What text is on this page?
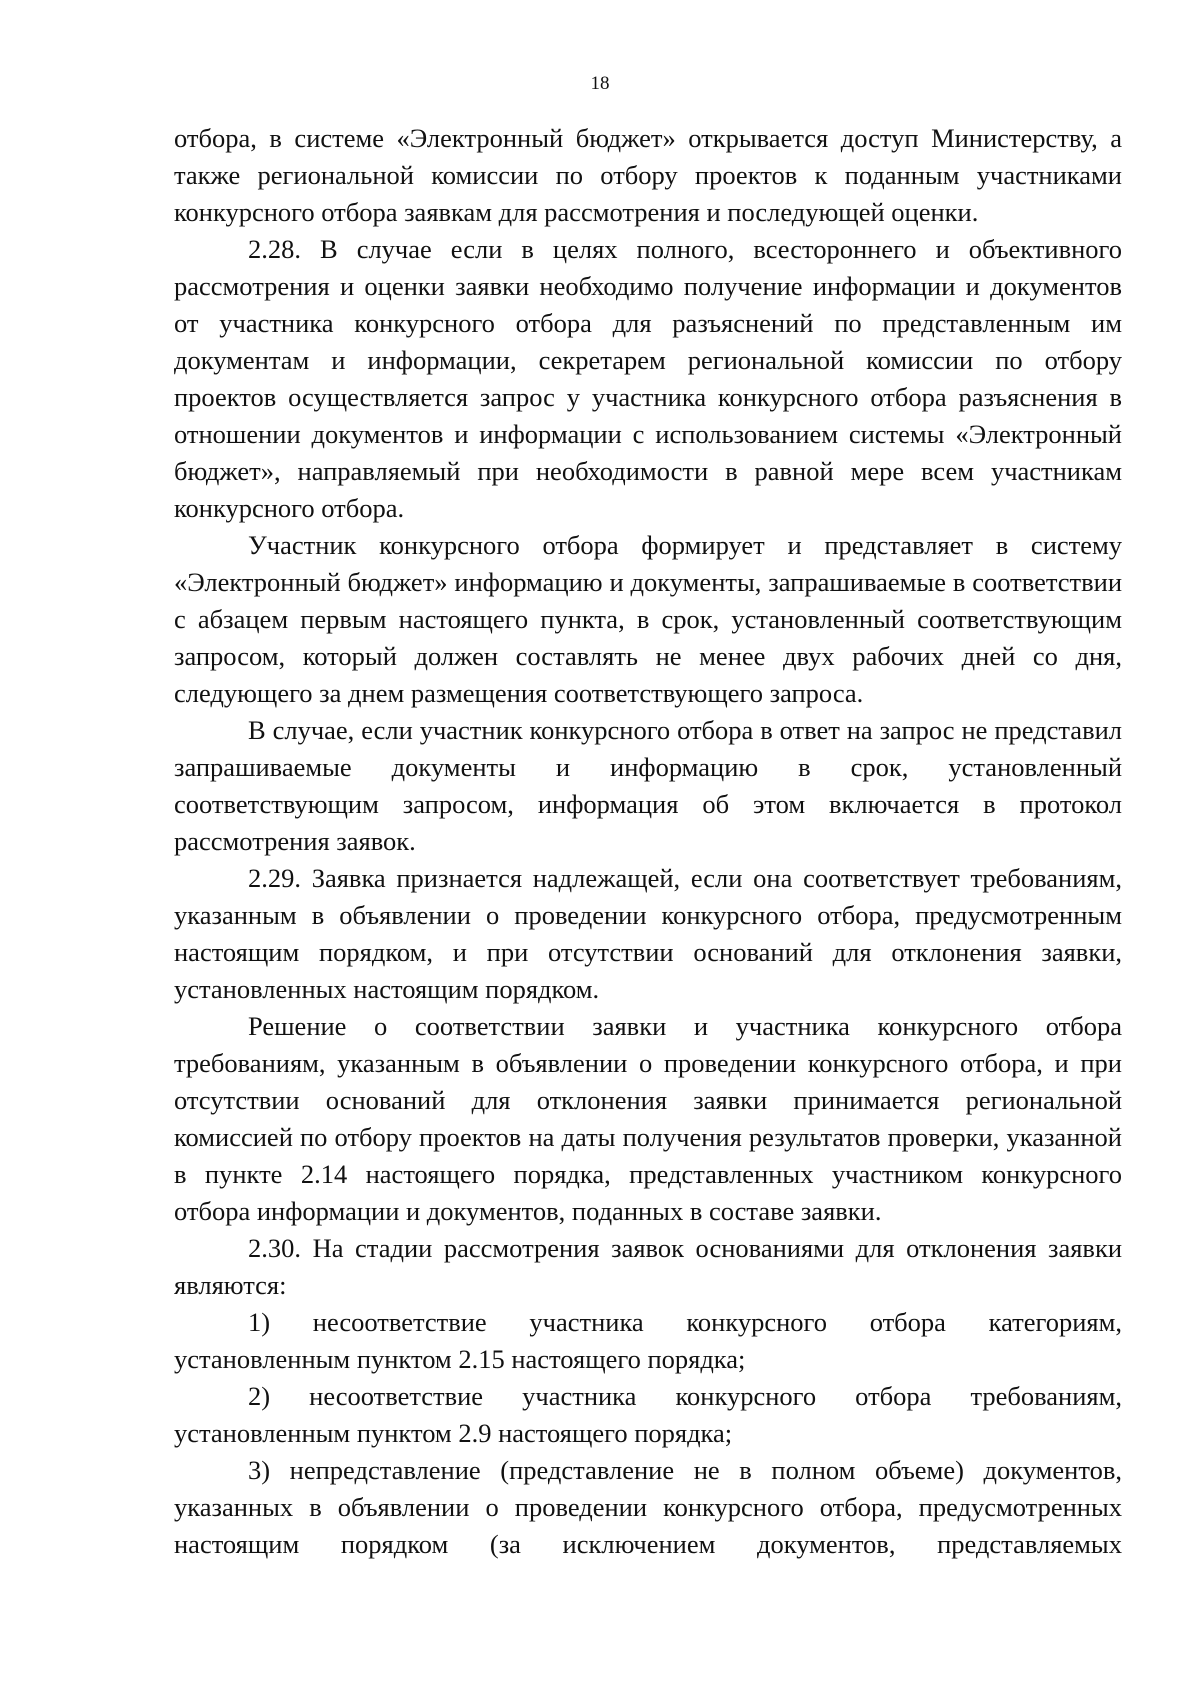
18

отбора, в системе «Электронный бюджет» открывается доступ Министерству, а также региональной комиссии по отбору проектов к поданным участниками конкурсного отбора заявкам для рассмотрения и последующей оценки.

2.28. В случае если в целях полного, всестороннего и объективного рассмотрения и оценки заявки необходимо получение информации и документов от участника конкурсного отбора для разъяснений по представленным им документам и информации, секретарем региональной комиссии по отбору проектов осуществляется запрос у участника конкурсного отбора разъяснения в отношении документов и информации с использованием системы «Электронный бюджет», направляемый при необходимости в равной мере всем участникам конкурсного отбора.

Участник конкурсного отбора формирует и представляет в систему «Электронный бюджет» информацию и документы, запрашиваемые в соответствии с абзацем первым настоящего пункта, в срок, установленный соответствующим запросом, который должен составлять не менее двух рабочих дней со дня, следующего за днем размещения соответствующего запроса.

В случае, если участник конкурсного отбора в ответ на запрос не представил запрашиваемые документы и информацию в срок, установленный соответствующим запросом, информация об этом включается в протокол рассмотрения заявок.

2.29. Заявка признается надлежащей, если она соответствует требованиям, указанным в объявлении о проведении конкурсного отбора, предусмотренным настоящим порядком, и при отсутствии оснований для отклонения заявки, установленных настоящим порядком.

Решение о соответствии заявки и участника конкурсного отбора требованиям, указанным в объявлении о проведении конкурсного отбора, и при отсутствии оснований для отклонения заявки принимается региональной комиссией по отбору проектов на даты получения результатов проверки, указанной в пункте 2.14 настоящего порядка, представленных участником конкурсного отбора информации и документов, поданных в составе заявки.

2.30. На стадии рассмотрения заявок основаниями для отклонения заявки являются:

1) несоответствие участника конкурсного отбора категориям, установленным пунктом 2.15 настоящего порядка;

2) несоответствие участника конкурсного отбора требованиям, установленным пунктом 2.9 настоящего порядка;

3) непредставление (представление не в полном объеме) документов, указанных в объявлении о проведении конкурсного отбора, предусмотренных настоящим порядком (за исключением документов, представляемых
